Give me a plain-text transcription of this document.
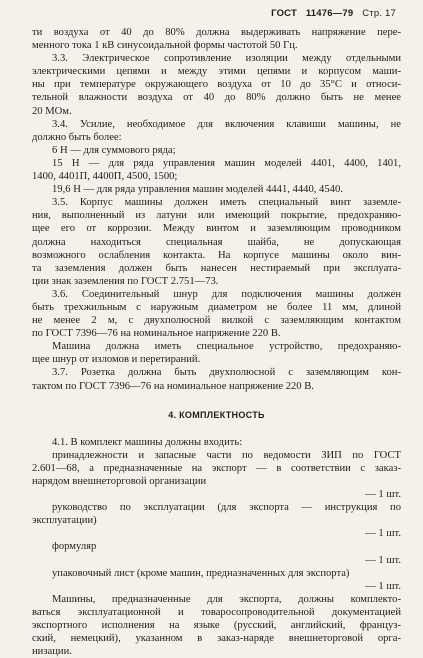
ГОСТ 11476—79 Стр. 17
ти воздуха от 40 до 80% должна выдерживать напряжение пере-
менного тока 1 кВ синусоидальной формы частотой 50 Гц.
3.3. Электрическое сопротивление изоляции между отдельными
электрическими цепями и между этими цепями и корпусом маши-
ны при температуре окружающего воздуха от 10 до 35°С и относи-
тельной влажности воздуха от 40 до 80% должно быть не менее
20 МОм.
3.4. Усилие, необходимое для включения клавиши машины, не
должно быть более:
6 Н — для суммового ряда;
15 Н — для ряда управления машин моделей 4401, 4400, 1401,
1400, 4401П, 4400П, 4500, 1500;
19,6 Н — для ряда управления машин моделей 4441, 4440, 4540.
3.5. Корпус машины должен иметь специальный винт заземле-
ния, выполненный из латуни или имеющий покрытие, предохраняю-
щее его от коррозии. Между винтом и заземляющим проводником
должна находиться специальная шайба, не допускающая
возможного ослабления контакта. На корпусе машины около вин-
та заземления должен быть нанесен нестираемый при эксплуата-
ции знак заземления по ГОСТ 2.751—73.
3.6. Соединительный шнур для подключения машины должен
быть трехжильным с наружным диаметром не более 11 мм, длиной
не менее 2 м, с двухполюсной вилкой с заземляющим контактом
по ГОСТ 7396—76 на номинальное напряжение 220 В.
Машина должна иметь специальное устройство, предохраняю-
щее шнур от изломов и перетираний.
3.7. Розетка должна быть двухполюсной с заземляющим кон-
тактом по ГОСТ 7396—76 на номинальное напряжение 220 В.
4. КОМПЛЕКТНОСТЬ
4.1. В комплект машины должны входить:
принадлежности и запасные части по ведомости ЗИП по ГОСТ
2.601—68, а предназначенные на экспорт — в соответствии с заказ-
нарядом внешнеторговой организации
— 1 шт.
руководство по эксплуатации (для экспорта — инструкция по
эксплуатации)
— 1 шт.
формуляр
— 1 шт.
упаковочный лист (кроме машин, предназначенных для экспорта)
— 1 шт.
Машины, предназначенные для экспорта, должны комплекто-
ваться эксплуатационной и товаросопроводительной документацией
экспортного исполнения на языке (русский, английский, француз-
ский, немецкий), указанном в заказ-наряде внешнеторговой орга-
низации.
